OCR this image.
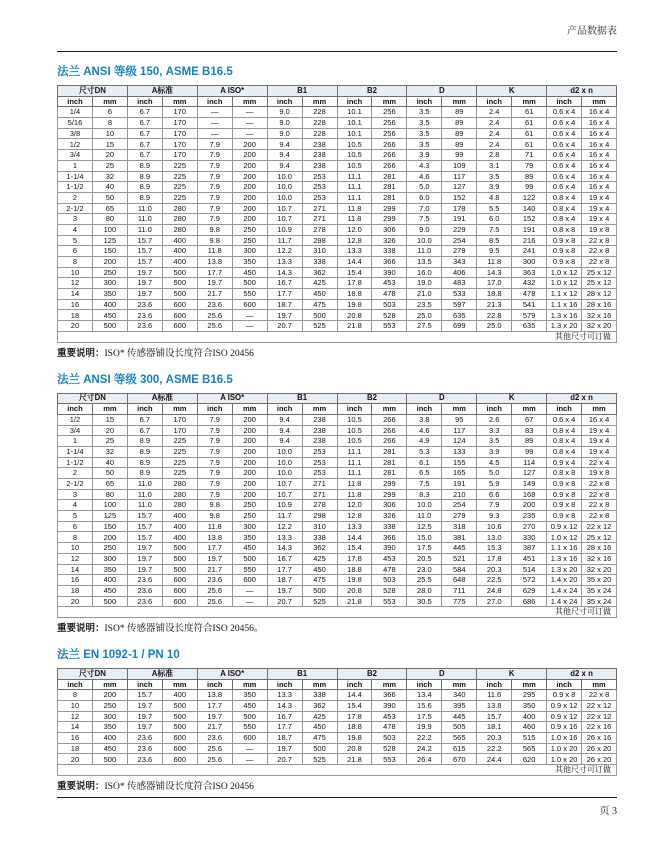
产品数据表
法兰 ANSI 等级 150, ASME B16.5
尺寸DN		A标准		A ISO*		B1		B2		D		K		d2 x n	
inch	mm	inch	mm	inch	mm	inch	mm	inch	mm	inch	mm	inch	mm	inch	mm
1/4	6	6.7	170	—	—	9.0	228	10.1	256	3.5	89	2.4	61	0.6 x 4	16 x 4
5/16	8	6.7	170	—	—	9.0	228	10.1	256	3.5	89	2.4	61	0.6 x 4	16 x 4
3/8	10	6.7	170	—	—	9.0	228	10.1	256	3.5	89	2.4	61	0.6 x 4	16 x 4
1/2	15	6.7	170	7.9	200	9.4	238	10.5	266	3.5	89	2.4	61	0.6 x 4	16 x 4
3/4	20	6.7	170	7.9	200	9.4	238	10.5	266	3.9	99	2.8	71	0.6 x 4	16 x 4
1	25	8.9	225	7.9	200	9.4	238	10.5	266	4.3	109	3.1	79	0.6 x 4	16 x 4
1-1/4	32	8.9	225	7.9	200	10.0	253	11.1	281	4.6	117	3.5	89	0.6 x 4	16 x 4
1-1/2	40	8.9	225	7.9	200	10.0	253	11.1	281	5.0	127	3.9	99	0.6 x 4	16 x 4
2	50	8.9	225	7.9	200	10.0	253	11.1	281	6.0	152	4.8	122	0.8 x 4	19 x 4
2-1/2	65	11.0	280	7.9	200	10.7	271	11.8	299	7.0	178	5.5	140	0.8 x 4	19 x 4
3	80	11.0	280	7.9	200	10.7	271	11.8	299	7.5	191	6.0	152	0.8 x 4	19 x 4
4	100	11.0	280	9.8	250	10.9	278	12.0	306	9.0	229	7.5	191	0.8 x 8	19 x 8
5	125	15.7	400	9.8	250	11.7	298	12.8	326	10.0	254	8.5	216	0.9 x 8	22 x 8
6	150	15.7	400	11.8	300	12.2	310	13.3	338	11.0	279	9.5	241	0.9 x 8	22 x 8
8	200	15.7	400	13.8	350	13.3	338	14.4	366	13.5	343	11.8	300	0.9 x 8	22 x 8
10	250	19.7	500	17.7	450	14.3	362	15.4	390	16.0	406	14.3	363	1.0 x 12	25 x 12
12	300	19.7	500	19.7	500	16.7	425	17.8	453	19.0	483	17.0	432	1.0 x 12	25 x 12
14	350	19.7	500	21.7	550	17.7	450	18.8	478	21.0	533	18.8	478	1.1 x 12	28 x 12
16	400	23.6	600	23.6	600	18.7	475	19.8	503	23.5	597	21.3	541	1.1 x 16	28 x 16
18	450	23.6	600	25.6	—	19.7	500	20.8	528	25.0	635	22.8	579	1.3 x 16	32 x 16
20	500	23.6	600	25.6	—	20.7	525	21.8	553	27.5	699	25.0	635	1.3 x 20	32 x 20
其他尺寸可订做															

重要说明：ISO* 传感器铺设长度符合ISO 20456

法兰 ANSI 等级 300, ASME B16.5
尺寸DN		A标准		A ISO*		B1		B2		D		K		d2 x n	
inch	mm	inch	mm	inch	mm	inch	mm	inch	mm	inch	mm	inch	mm	inch	mm
1/2	15	6.7	170	7.9	200	9.4	238	10.5	266	3.8	95	2.6	67	0.6 x 4	16 x 4
3/4	20	6.7	170	7.9	200	9.4	238	10.5	266	4.6	117	3.3	83	0.8 x 4	19 x 4
1	25	8.9	225	7.9	200	9.4	238	10.5	266	4.9	124	3.5	89	0.8 x 4	19 x 4
1-1/4	32	8.9	225	7.9	200	10.0	253	11.1	281	5.3	133	3.9	99	0.8 x 4	19 x 4
1-1/2	40	8.9	225	7.9	200	10.0	253	11.1	281	6.1	155	4.5	114	0.9 x 4	22 x 4
2	50	8.9	225	7.9	200	10.0	253	11.1	281	6.5	165	5.0	127	0.8 x 8	19 x 8
2-1/2	65	11.0	280	7.9	200	10.7	271	11.8	299	7.5	191	5.9	149	0.9 x 8	22 x 8
3	80	11.0	280	7.9	200	10.7	271	11.8	299	8.3	210	6.6	168	0.9 x 8	22 x 8
4	100	11.0	280	9.8	250	10.9	278	12.0	306	10.0	254	7.9	200	0.9 x 8	22 x 8
5	125	15.7	400	9.8	250	11.7	298	12.8	326	11.0	279	9.3	235	0.9 x 8	22 x 8
6	150	15.7	400	11.8	300	12.2	310	13.3	338	12.5	318	10.6	270	0.9 x 12	22 x 12
8	200	15.7	400	13.8	350	13.3	338	14.4	366	15.0	381	13.0	330	1.0 x 12	25 x 12
10	250	19.7	500	17.7	450	14.3	362	15.4	390	17.5	445	15.3	387	1.1 x 16	28 x 16
12	300	19.7	500	19.7	500	16.7	425	17.8	453	20.5	521	17.8	451	1.3 x 16	32 x 16
14	350	19.7	500	21.7	550	17.7	450	18.8	478	23.0	584	20.3	514	1.3 x 20	32 x 20
16	400	23.6	600	23.6	600	18.7	475	19.8	503	25.5	648	22.5	572	1.4 x 20	35 x 20
18	450	23.6	600	25.6	—	19.7	500	20.8	528	28.0	711	24.8	629	1.4 x 24	35 x 24
20	500	23.6	600	25.6	—	20.7	525	21.8	553	30.5	775	27.0	686	1.4 x 24	35 x 24
其他尺寸可订做															

重要说明：ISO* 传感器铺设长度符合ISO 20456。

法兰 EN 1092-1 / PN 10
尺寸DN		A标准		A ISO*		B1		B2		D		K		d2 x n	
inch	mm	inch	mm	inch	mm	inch	mm	inch	mm	inch	mm	inch	mm	inch	mm
8	200	15.7	400	13.8	350	13.3	338	14.4	366	13.4	340	11.6	295	0.9 x 8	22 x 8
10	250	19.7	500	17.7	450	14.3	362	15.4	390	15.6	395	13.8	350	0.9 x 12	22 x 12
12	300	19.7	500	19.7	500	16.7	425	17.8	453	17.5	445	15.7	400	0.9 x 12	22 x 12
14	350	19.7	500	21.7	550	17.7	450	18.8	478	19.9	505	18.1	460	0.9 x 16	22 x 16
16	400	23.6	600	23.6	600	18.7	475	19.8	503	22.2	565	20.3	515	1.0 x 16	26 x 16
18	450	23.6	600	25.6	—	19.7	500	20.8	528	24.2	615	22.2	565	1.0 x 20	26 x 20
20	500	23.6	600	25.6	—	20.7	525	21.8	553	26.4	670	24.4	620	1.0 x 20	26 x 20
其他尺寸可订做															

重要说明：ISO* 传感器铺设长度符合ISO 20456

页 3
